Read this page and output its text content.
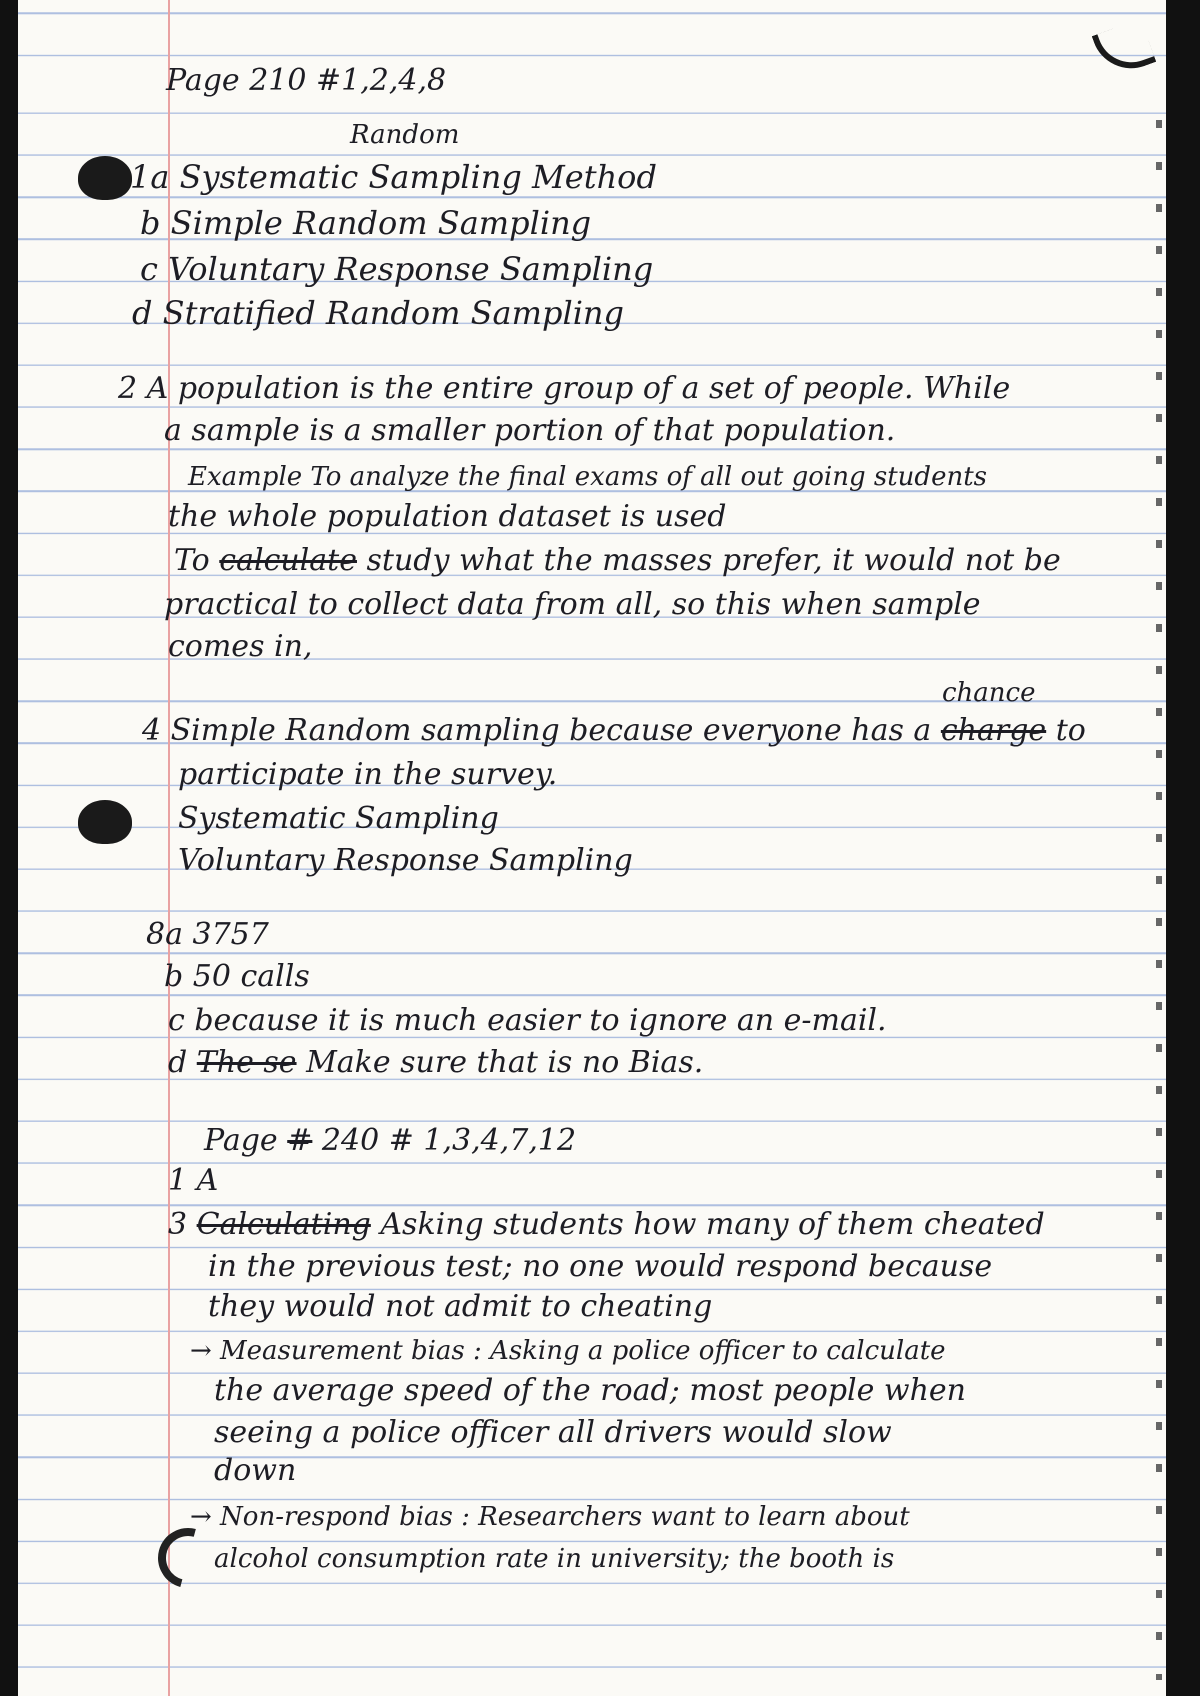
Page 210 #1,2,4,8
Random
1a Systematic Sampling Method
b Simple Random Sampling
c Voluntary Response Sampling
d Stratified Random Sampling
2 A population is the entire group of a set of people. While
a sample is a smaller portion of that population.
Example To analyze the final exams of all out going students
the whole population dataset is used
To calculate study what the masses prefer, it would not be
practical to collect data from all, so this when sample
comes in,
chance
4 Simple Random sampling because everyone has a charge to
participate in the survey.
Systematic Sampling
Voluntary Response Sampling
8a 3757
b 50 calls
c because it is much easier to ignore an e-mail.
d The se Make sure that is no Bias.
Page # 240 # 1,3,4,7,12
1 A
3 Calculating Asking students how many of them cheated
in the previous test; no one would respond because
they would not admit to cheating
→ Measurement bias : Asking a police officer to calculate
the average speed of the road; most people when
seeing a police officer all drivers would slow
down
→ Non-respond bias : Researchers want to learn about
alcohol consumption rate in university; the booth is
